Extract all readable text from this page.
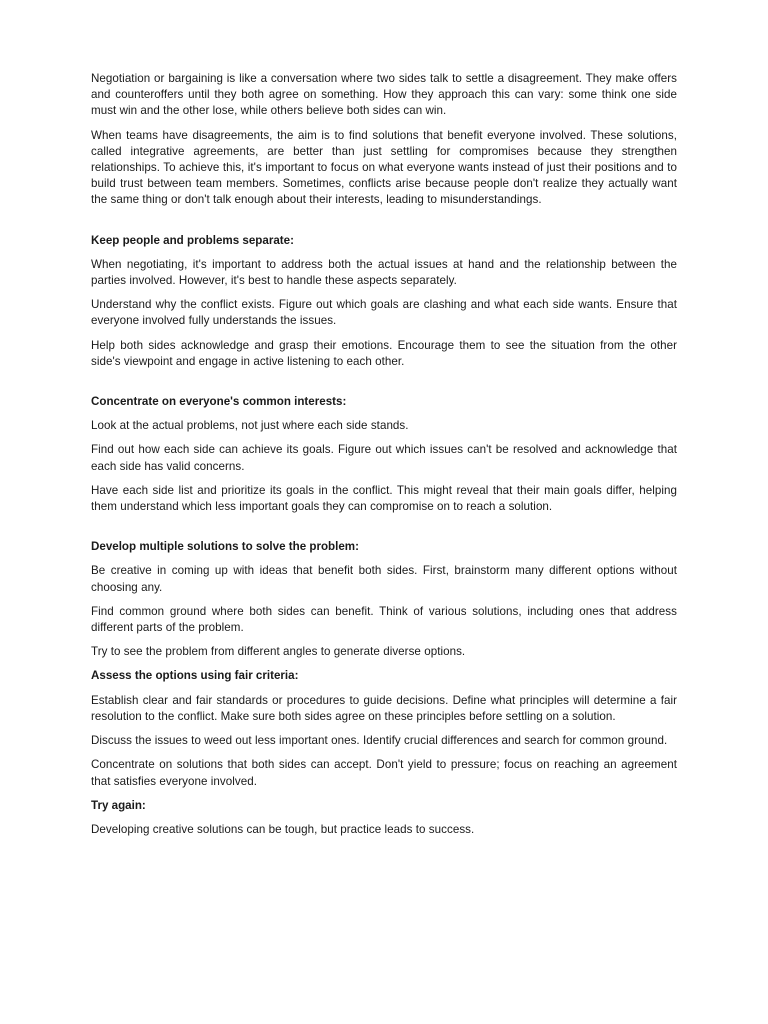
Negotiation or bargaining is like a conversation where two sides talk to settle a disagreement. They make offers and counteroffers until they both agree on something. How they approach this can vary: some think one side must win and the other lose, while others believe both sides can win.

When teams have disagreements, the aim is to find solutions that benefit everyone involved. These solutions, called integrative agreements, are better than just settling for compromises because they strengthen relationships. To achieve this, it's important to focus on what everyone wants instead of just their positions and to build trust between team members. Sometimes, conflicts arise because people don't realize they actually want the same thing or don't talk enough about their interests, leading to misunderstandings.

Keep people and problems separate:

When negotiating, it's important to address both the actual issues at hand and the relationship between the parties involved. However, it's best to handle these aspects separately.

Understand why the conflict exists. Figure out which goals are clashing and what each side wants. Ensure that everyone involved fully understands the issues.

Help both sides acknowledge and grasp their emotions. Encourage them to see the situation from the other side's viewpoint and engage in active listening to each other.

Concentrate on everyone's common interests:

Look at the actual problems, not just where each side stands.

Find out how each side can achieve its goals. Figure out which issues can't be resolved and acknowledge that each side has valid concerns.

Have each side list and prioritize its goals in the conflict. This might reveal that their main goals differ, helping them understand which less important goals they can compromise on to reach a solution.

Develop multiple solutions to solve the problem:

Be creative in coming up with ideas that benefit both sides. First, brainstorm many different options without choosing any.

Find common ground where both sides can benefit. Think of various solutions, including ones that address different parts of the problem.

Try to see the problem from different angles to generate diverse options.

Assess the options using fair criteria:

Establish clear and fair standards or procedures to guide decisions. Define what principles will determine a fair resolution to the conflict. Make sure both sides agree on these principles before settling on a solution.

Discuss the issues to weed out less important ones. Identify crucial differences and search for common ground.

Concentrate on solutions that both sides can accept. Don't yield to pressure; focus on reaching an agreement that satisfies everyone involved.

Try again:

Developing creative solutions can be tough, but practice leads to success.
